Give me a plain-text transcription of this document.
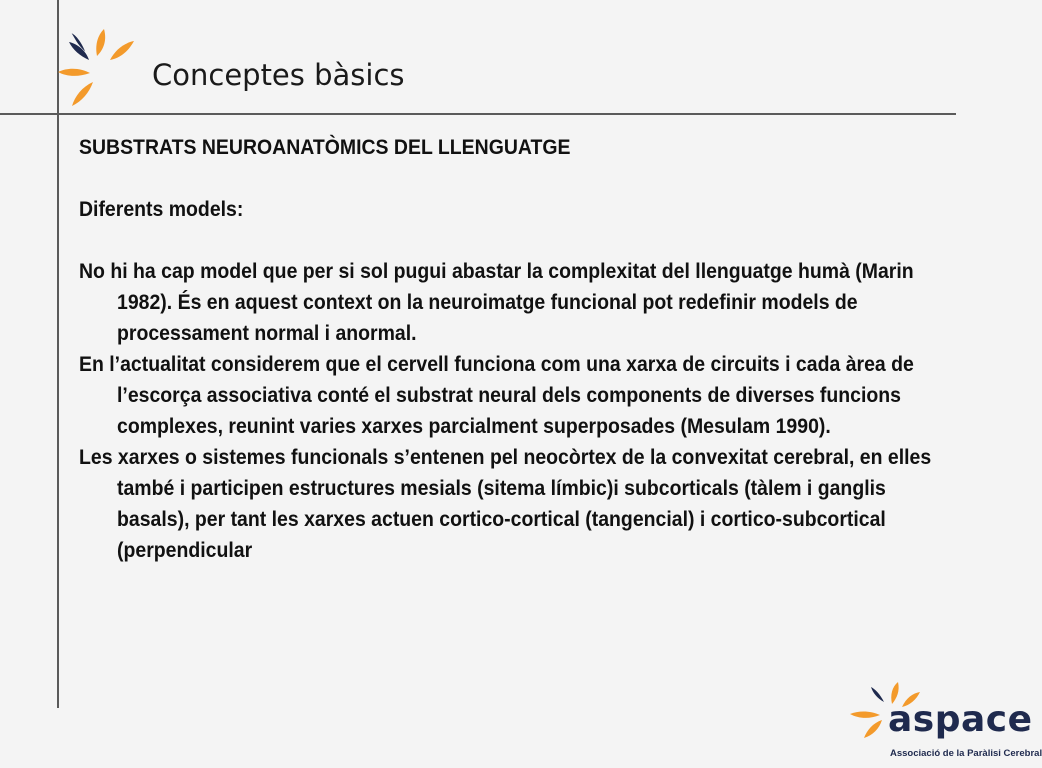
Conceptes bàsics

SUBSTRATS NEUROANATÒMICS DEL LLENGUATGE

Diferents models:

No hi ha cap model que per si sol pugui abastar la complexitat del llenguatge humà (Marin 1982). És en aquest context on la neuroimatge funcional pot redefinir models de processament normal i anormal.

En l’actualitat considerem que el cervell funciona com una xarxa de circuits i cada àrea de l’escorça associativa conté el substrat neural dels components de diverses funcions complexes, reunint varies xarxes parcialment superposades (Mesulam 1990).

Les xarxes o sistemes funcionals s’entenen pel neocòrtex de la convexitat cerebral, en elles també i participen estructures mesials (sitema límbic)i subcorticals (tàlem i ganglis basals), per tant les xarxes actuen cortico-cortical (tangencial) i cortico-subcortical (perpendicular

aspace
Associació de la Paràlisi Cerebral
